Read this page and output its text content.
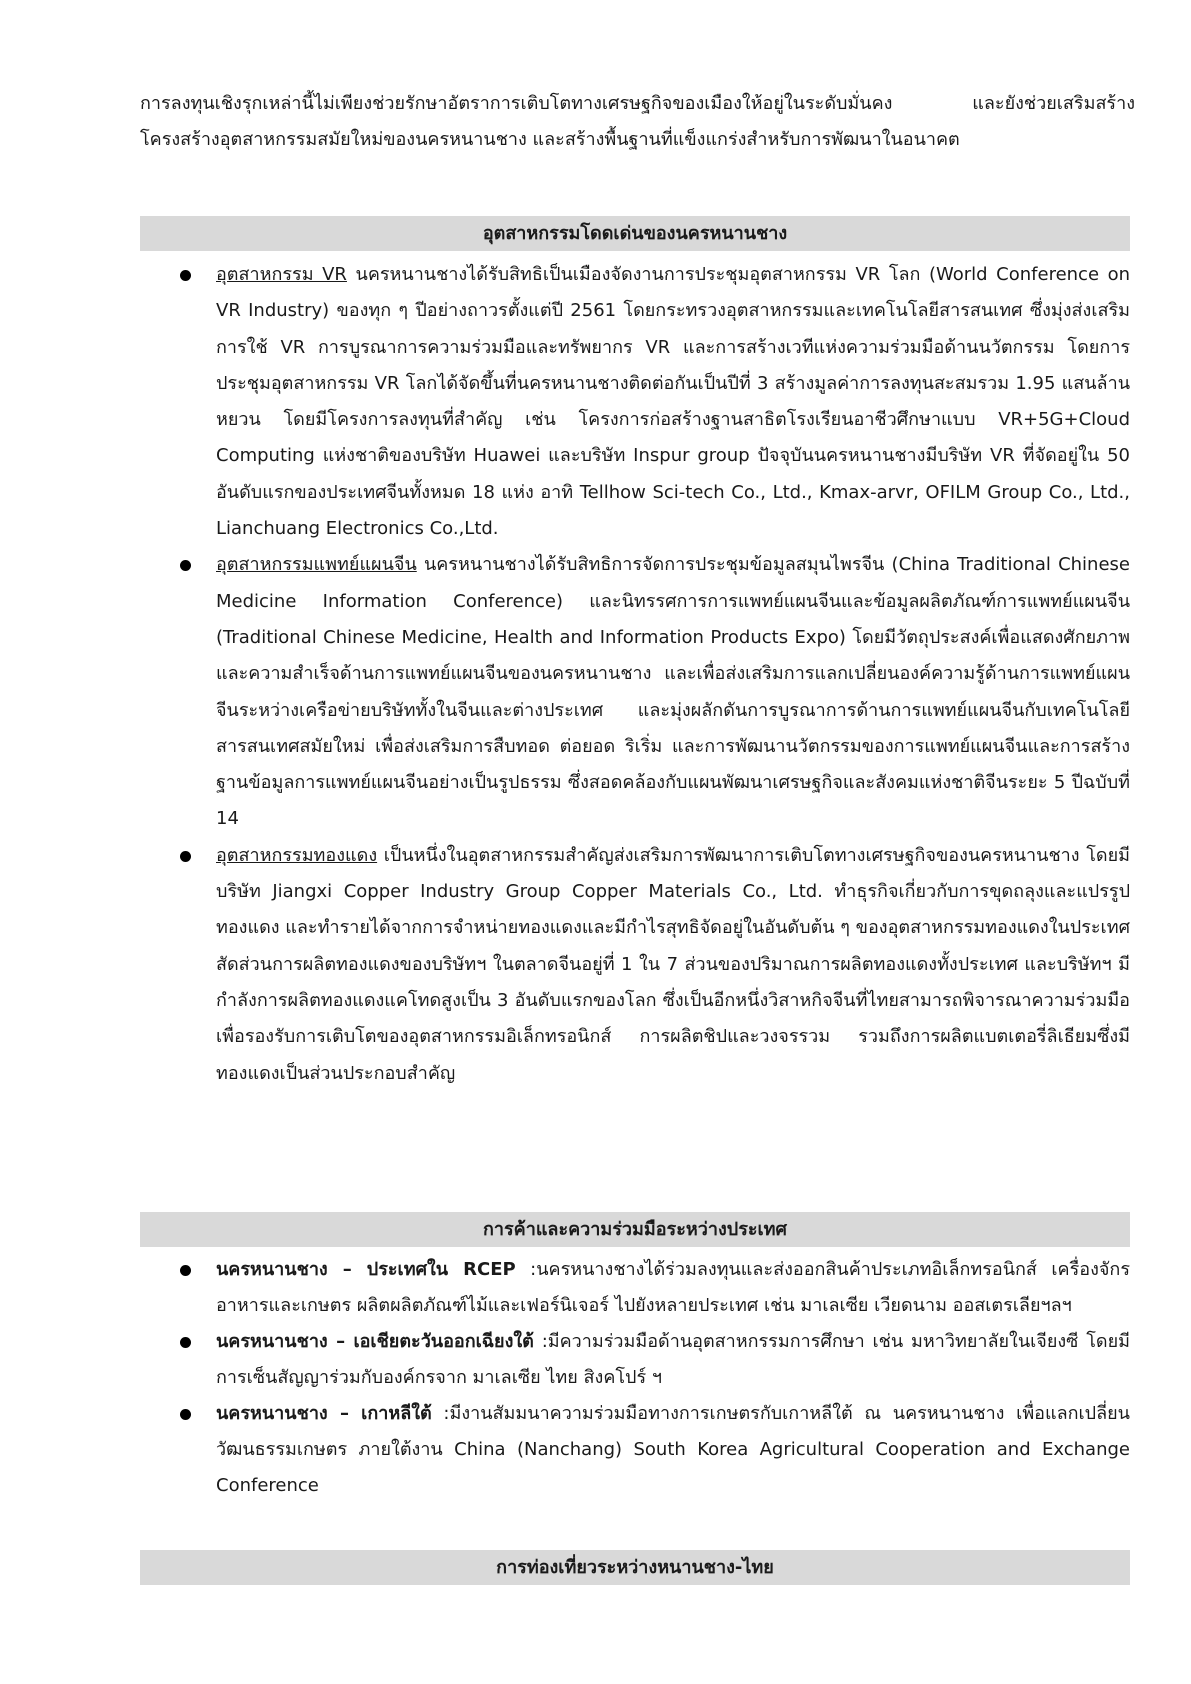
การลงทุนเชิงรุกเหล่านี้ไม่เพียงช่วยรักษาอัตราการเติบโตทางเศรษฐกิจของเมืองให้อยู่ในระดับมั่นคง และยังช่วยเสริมสร้างโครงสร้างอุตสาหกรรมสมัยใหม่ของนครหนานชาง และสร้างพื้นฐานที่แข็งแกร่งสำหรับการพัฒนาในอนาคต

อุตสาหกรรมโดดเด่นของนครหนานชาง
อุตสาหกรรม VR นครหนานชางได้รับสิทธิเป็นเมืองจัดงานการประชุมอุตสาหกรรม VR โลก (World Conference on VR Industry) ของทุก ๆ ปีอย่างถาวรตั้งแต่ปี 2561 โดยกระทรวงอุตสาหกรรมและเทคโนโลยีสารสนเทศ ซึ่งมุ่งส่งเสริมการใช้ VR การบูรณาการความร่วมมือและทรัพยากร VR และการสร้างเวทีแห่งความร่วมมือด้านนวัตกรรม โดยการประชุมอุตสาหกรรม VR โลกได้จัดขึ้นที่นครหนานชางติดต่อกันเป็นปีที่ 3 สร้างมูลค่าการลงทุนสะสมรวม 1.95 แสนล้านหยวน โดยมีโครงการลงทุนที่สำคัญ เช่น โครงการก่อสร้างฐานสาธิตโรงเรียนอาชีวศึกษาแบบ VR+5G+Cloud Computing แห่งชาติของบริษัท Huawei และบริษัท Inspur group ปัจจุบันนครหนานชางมีบริษัท VR ที่จัดอยู่ใน 50 อันดับแรกของประเทศจีนทั้งหมด 18 แห่ง อาทิ Tellhow Sci-tech Co., Ltd., Kmax-arvr, OFILM Group Co., Ltd., Lianchuang Electronics Co.,Ltd.
อุตสาหกรรมแพทย์แผนจีน นครหนานชางได้รับสิทธิการจัดการประชุมข้อมูลสมุนไพรจีน (China Traditional Chinese Medicine Information Conference) และนิทรรศการการแพทย์แผนจีนและข้อมูลผลิตภัณฑ์การแพทย์แผนจีน (Traditional Chinese Medicine, Health and Information Products Expo) โดยมีวัตถุประสงค์เพื่อแสดงศักยภาพและความสำเร็จด้านการแพทย์แผนจีนของนครหนานชาง และเพื่อส่งเสริมการแลกเปลี่ยนองค์ความรู้ด้านการแพทย์แผนจีนระหว่างเครือข่ายบริษัททั้งในจีนและต่างประเทศ และมุ่งผลักดันการบูรณาการด้านการแพทย์แผนจีนกับเทคโนโลยีสารสนเทศสมัยใหม่ เพื่อส่งเสริมการสืบทอด ต่อยอด ริเริ่ม และการพัฒนานวัตกรรมของการแพทย์แผนจีนและการสร้างฐานข้อมูลการแพทย์แผนจีนอย่างเป็นรูปธรรม ซึ่งสอดคล้องกับแผนพัฒนาเศรษฐกิจและสังคมแห่งชาติจีนระยะ 5 ปีฉบับที่ 14
อุตสาหกรรมทองแดง เป็นหนึ่งในอุตสาหกรรมสำคัญส่งเสริมการพัฒนาการเติบโตทางเศรษฐกิจของนครหนานชาง โดยมีบริษัท Jiangxi Copper Industry Group Copper Materials Co., Ltd. ทำธุรกิจเกี่ยวกับการขุดถลุงและแปรรูปทองแดง และทำรายได้จากการจำหน่ายทองแดงและมีกำไรสุทธิจัดอยู่ในอันดับต้น ๆ ของอุตสาหกรรมทองแดงในประเทศ สัดส่วนการผลิตทองแดงของบริษัทฯ ในตลาดจีนอยู่ที่ 1 ใน 7 ส่วนของปริมาณการผลิตทองแดงทั้งประเทศ และบริษัทฯ มีกำลังการผลิตทองแดงแคโทดสูงเป็น 3 อันดับแรกของโลก ซึ่งเป็นอีกหนึ่งวิสาหกิจจีนที่ไทยสามารถพิจารณาความร่วมมือ เพื่อรองรับการเติบโตของอุตสาหกรรมอิเล็กทรอนิกส์ การผลิตชิปและวงจรรวม รวมถึงการผลิตแบตเตอรี่ลิเธียมซึ่งมีทองแดงเป็นส่วนประกอบสำคัญ
การค้าและความร่วมมือระหว่างประเทศ
นครหนานชาง – ประเทศใน RCEP :นครหนางชางได้ร่วมลงทุนและส่งออกสินค้าประเภทอิเล็กทรอนิกส์ เครื่องจักร อาหารและเกษตร ผลิตผลิตภัณฑ์ไม้และเฟอร์นิเจอร์ ไปยังหลายประเทศ เช่น มาเลเซีย เวียดนาม ออสเตรเลียฯลฯ
นครหนานชาง – เอเชียตะวันออกเฉียงใต้ :มีความร่วมมือด้านอุตสาหกรรมการศึกษา เช่น มหาวิทยาลัยในเจียงซี โดยมีการเซ็นสัญญาร่วมกับองค์กรจาก มาเลเซีย ไทย สิงคโปร์ ฯ
นครหนานชาง – เกาหลีใต้ :มีงานสัมมนาความร่วมมือทางการเกษตรกับเกาหลีใต้ ณ นครหนานชาง เพื่อแลกเปลี่ยนวัฒนธรรมเกษตร ภายใต้งาน China (Nanchang) South Korea Agricultural Cooperation and Exchange Conference
การท่องเที่ยวระหว่างหนานชาง-ไทย
